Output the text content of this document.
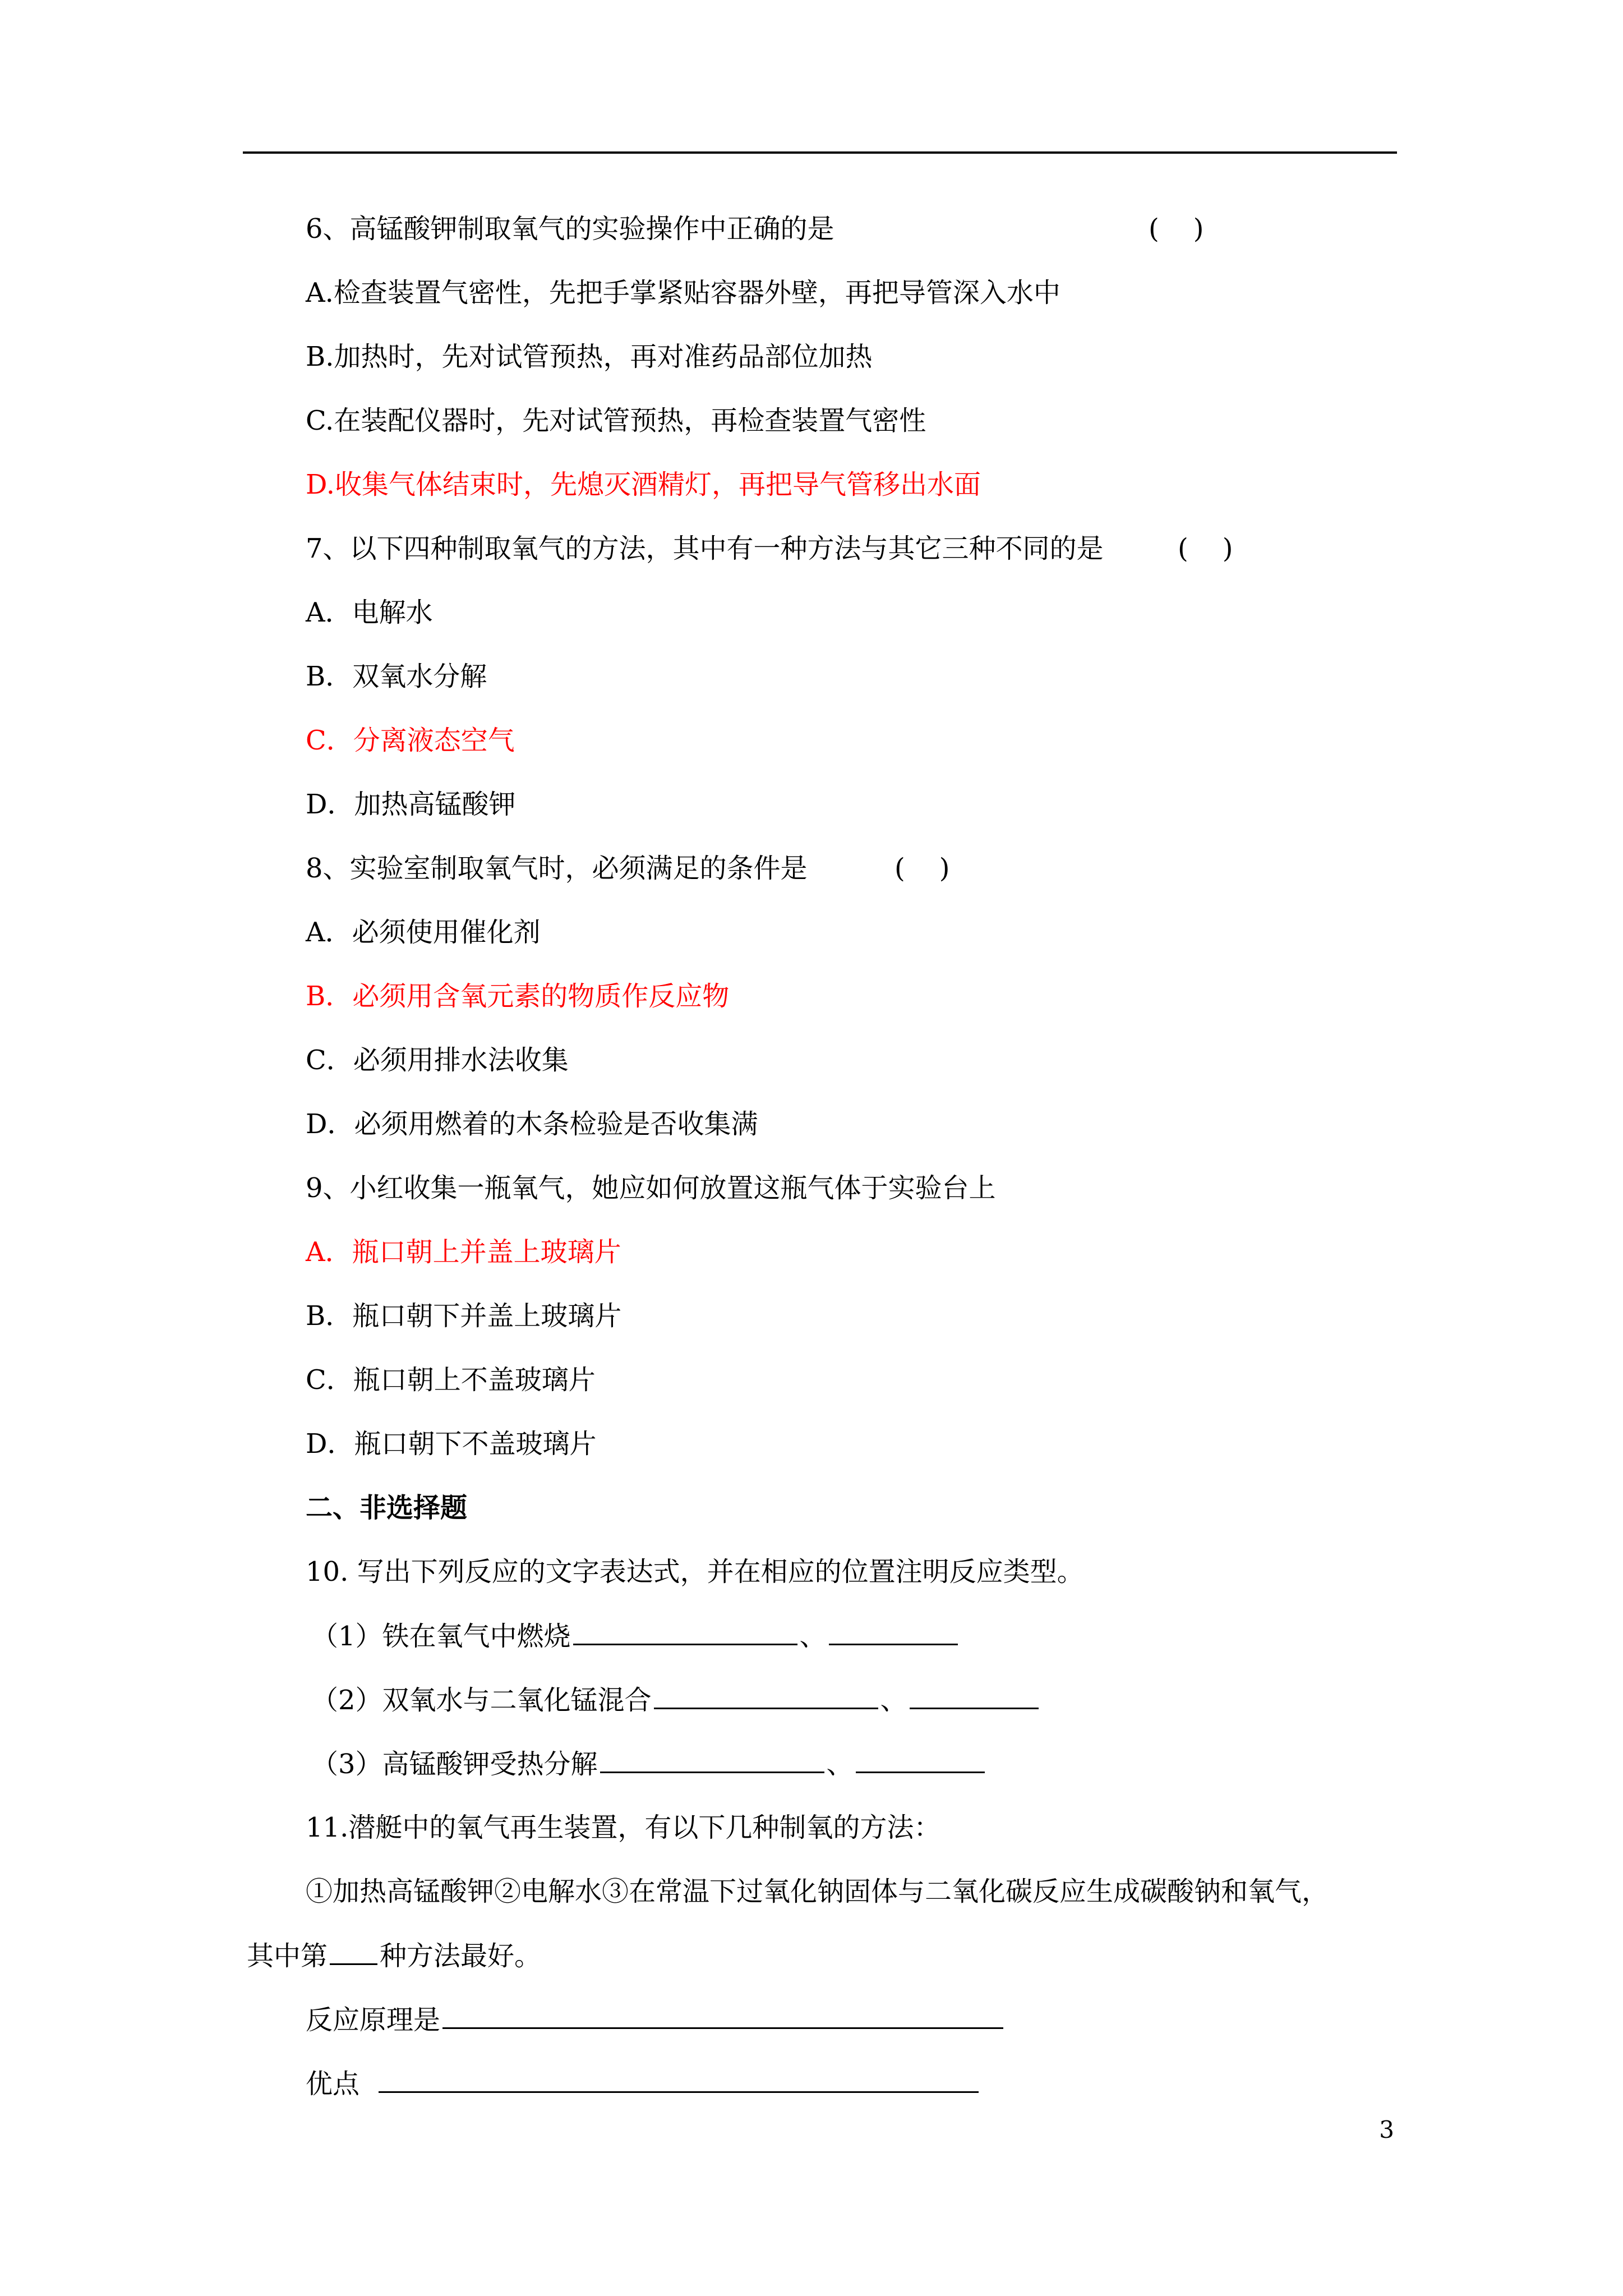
6、高锰酸钾制取氧气的实验操作中正确的是	(    )
A.检查装置气密性，先把手掌紧贴容器外壁，再把导管深入水中
B.加热时，先对试管预热，再对准药品部位加热
C.在装配仪器时，先对试管预热，再检查装置气密性
D.收集气体结束时，先熄灭酒精灯，再把导气管移出水面
7、以下四种制取氧气的方法，其中有一种方法与其它三种不同的是	(    )
A．电解水
B．双氧水分解
C．分离液态空气
D．加热高锰酸钾
8、实验室制取氧气时，必须满足的条件是	(    )
A．必须使用催化剂
B．必须用含氧元素的物质作反应物
C．必须用排水法收集
D．必须用燃着的木条检验是否收集满
9、小红收集一瓶氧气，她应如何放置这瓶气体于实验台上
A．瓶口朝上并盖上玻璃片
B．瓶口朝下并盖上玻璃片
C．瓶口朝上不盖玻璃片
D．瓶口朝下不盖玻璃片
二、非选择题
10. 写出下列反应的文字表达式，并在相应的位置注明反应类型。
（1）铁在氧气中燃烧	、
（2）双氧水与二氧化锰混合	、
（3）高锰酸钾受热分解	、
11.潜艇中的氧气再生装置，有以下几种制氧的方法：
①加热高锰酸钾②电解水③在常温下过氧化钠固体与二氧化碳反应生成碳酸钠和氧气，
其中第 种方法最好。
反应原理是
优点
3
